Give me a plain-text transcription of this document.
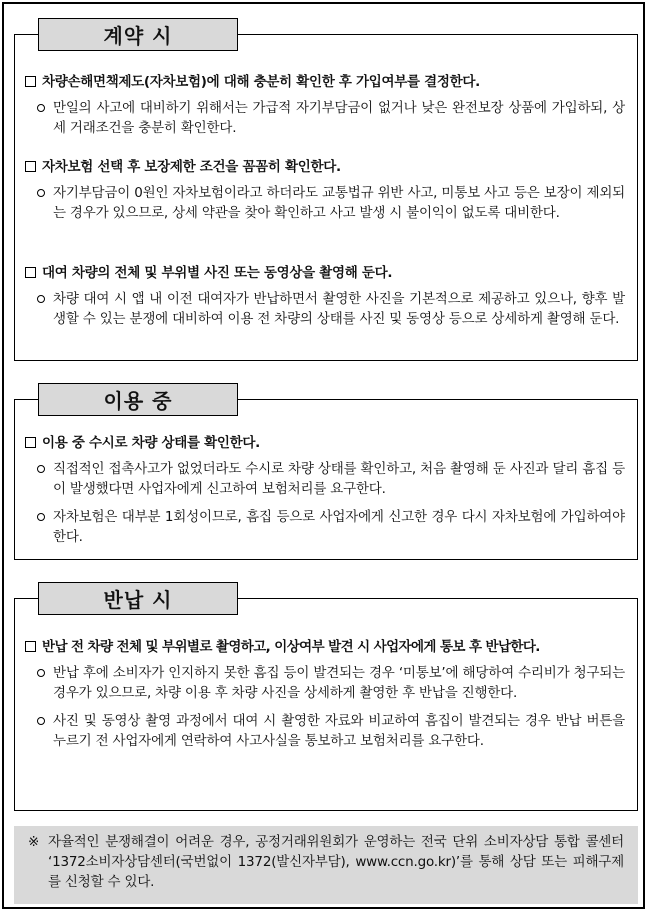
차량손해면책제도(자차보험)에 대해 충분히 확인한 후 가입여부를 결정한다.
만일의 사고에 대비하기 위해서는 가급적 자기부담금이 없거나 낮은 완전보장 상품에 가입하되, 상세 거래조건을 충분히 확인한다.
자차보험 선택 후 보장제한 조건을 꼼꼼히 확인한다.
자기부담금이 0원인 자차보험이라고 하더라도 교통법규 위반 사고, 미통보 사고 등은 보장이 제외되는 경우가 있으므로, 상세 약관을 찾아 확인하고 사고 발생 시 불이익이 없도록 대비한다.
대여 차량의 전체 및 부위별 사진 또는 동영상을 촬영해 둔다.
차량 대여 시 앱 내 이전 대여자가 반납하면서 촬영한 사진을 기본적으로 제공하고 있으나, 향후 발생할 수 있는 분쟁에 대비하여 이용 전 차량의 상태를 사진 및 동영상 등으로 상세하게 촬영해 둔다.
계약 시
이용 중 수시로 차량 상태를 확인한다.
직접적인 접촉사고가 없었더라도 수시로 차량 상태를 확인하고, 처음 촬영해 둔 사진과 달리 흠집 등이 발생했다면 사업자에게 신고하여 보험처리를 요구한다.
자차보험은 대부분 1회성이므로, 흠집 등으로 사업자에게 신고한 경우 다시 자차보험에 가입하여야 한다.
이용 중
반납 전 차량 전체 및 부위별로 촬영하고, 이상여부 발견 시 사업자에게 통보 후 반납한다.
반납 후에 소비자가 인지하지 못한 흠집 등이 발견되는 경우 ‘미통보’에 해당하여 수리비가 청구되는 경우가 있으므로, 차량 이용 후 차량 사진을 상세하게 촬영한 후 반납을 진행한다.
사진 및 동영상 촬영 과정에서 대여 시 촬영한 자료와 비교하여 흠집이 발견되는 경우 반납 버튼을 누르기 전 사업자에게 연락하여 사고사실을 통보하고 보험처리를 요구한다.
반납 시
※ 자율적인 분쟁해결이 어려운 경우, 공정거래위원회가 운영하는 전국 단위 소비자상담 통합 콜센터 ‘1372소비자상담센터(국번없이 1372(발신자부담), www.ccn.go.kr)’를 통해 상담 또는 피해구제를 신청할 수 있다.
